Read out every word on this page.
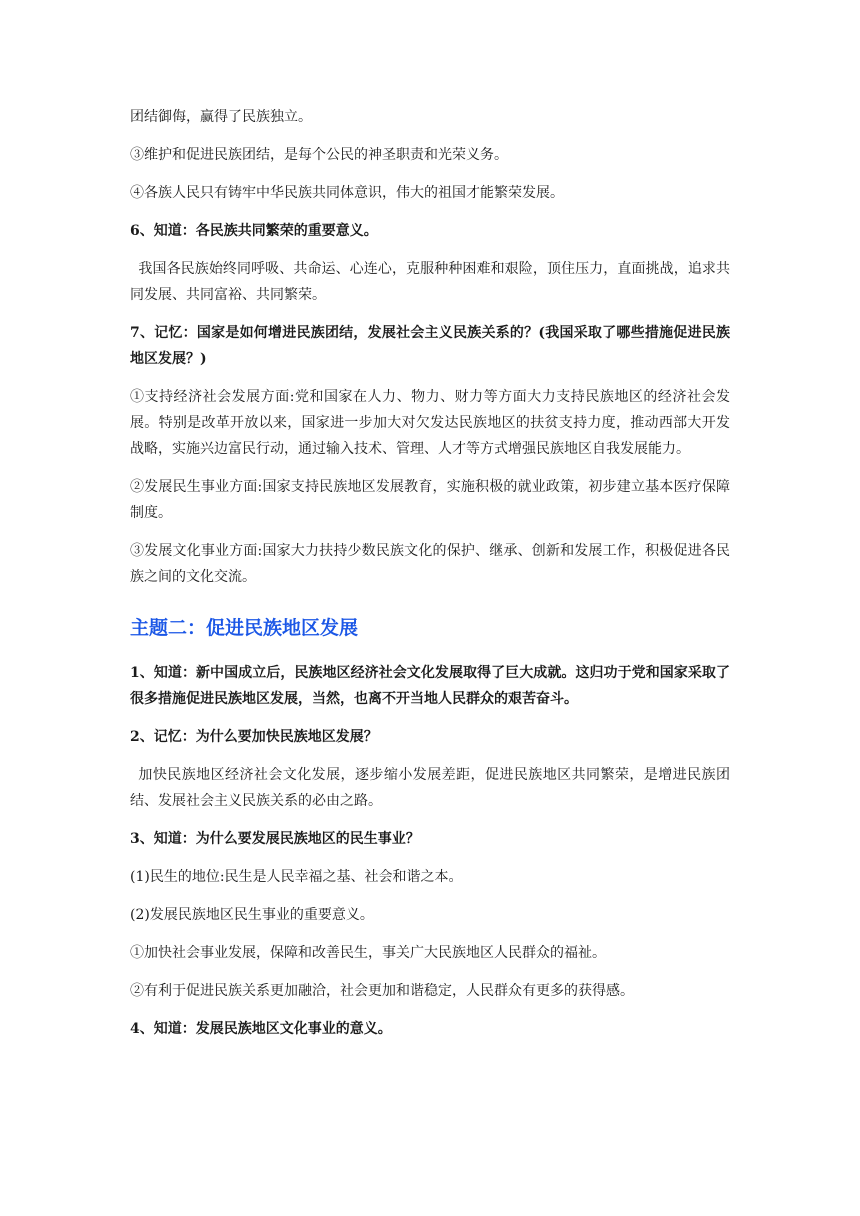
团结御侮，赢得了民族独立。

③维护和促进民族团结，是每个公民的神圣职责和光荣义务。

④各族人民只有铸牢中华民族共同体意识，伟大的祖国才能繁荣发展。

6、知道：各民族共同繁荣的重要意义。

我国各民族始终同呼吸、共命运、心连心，克服种种困难和艰险，顶住压力，直面挑战，追求共同发展、共同富裕、共同繁荣。

7、记忆：国家是如何增进民族团结，发展社会主义民族关系的？(我国采取了哪些措施促进民族地区发展？)

①支持经济社会发展方面:党和国家在人力、物力、财力等方面大力支持民族地区的经济社会发展。特别是改革开放以来，国家进一步加大对欠发达民族地区的扶贫支持力度，推动西部大开发战略，实施兴边富民行动，通过输入技术、管理、人才等方式增强民族地区自我发展能力。

②发展民生事业方面:国家支持民族地区发展教育，实施积极的就业政策，初步建立基本医疗保障制度。

③发展文化事业方面:国家大力扶持少数民族文化的保护、继承、创新和发展工作，积极促进各民族之间的文化交流。

主题二：促进民族地区发展

1、知道：新中国成立后，民族地区经济社会文化发展取得了巨大成就。这归功于党和国家采取了很多措施促进民族地区发展，当然，也离不开当地人民群众的艰苦奋斗。

2、记忆：为什么要加快民族地区发展？

加快民族地区经济社会文化发展，逐步缩小发展差距，促进民族地区共同繁荣，是增进民族团结、发展社会主义民族关系的必由之路。

3、知道：为什么要发展民族地区的民生事业？

(1)民生的地位:民生是人民幸福之基、社会和谐之本。

(2)发展民族地区民生事业的重要意义。

①加快社会事业发展，保障和改善民生，事关广大民族地区人民群众的福祉。

②有利于促进民族关系更加融洽，社会更加和谐稳定，人民群众有更多的获得感。

4、知道：发展民族地区文化事业的意义。
